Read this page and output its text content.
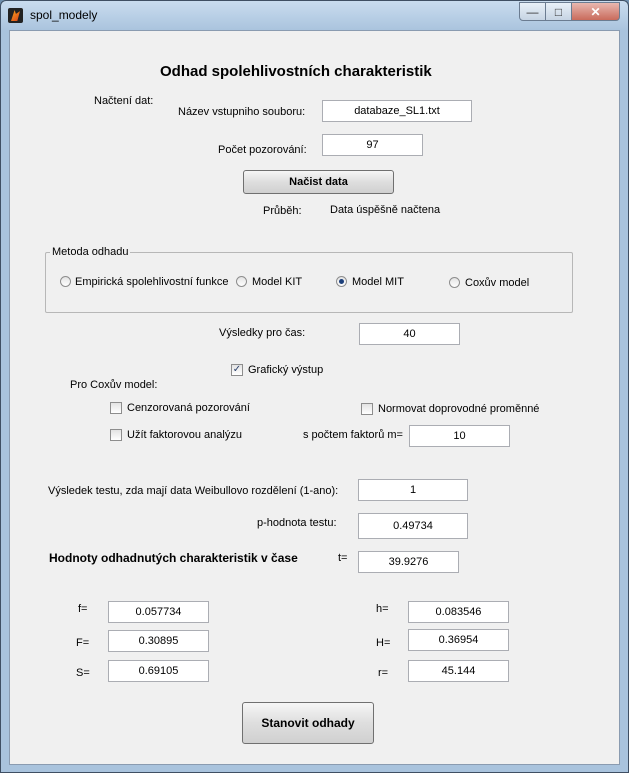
spol_modely	— □ ✕
Odhad spolehlivostních charakteristik
Načtení dat:
Název vstupniho souboru:	databaze_SL1.txt
Počet pozorování:	97
Načist data
Průběh:	Data úspěšně načtena
Metoda odhadu
Empirická spolehlivostní funkce Model KIT	Model MIT	Coxův model
Výsledky pro čas:	40
✓ Grafický výstup
Pro Coxův model:
Cenzorovaná pozorování	Normovat doprovodné proměnné
Užít faktorovou analýzu	s počtem faktorů m=	10
Výsledek testu, zda mají data Weibullovo rozdělení (1-ano):	1
p-hodnota testu:	0.49734
Hodnoty odhadnutých charakteristik v čase	t=	39.9276
f=	0.057734
F=	0.30895
S=	0.69105
h=	0.083546
H=	0.36954
r=	45.144
Stanovit odhady
